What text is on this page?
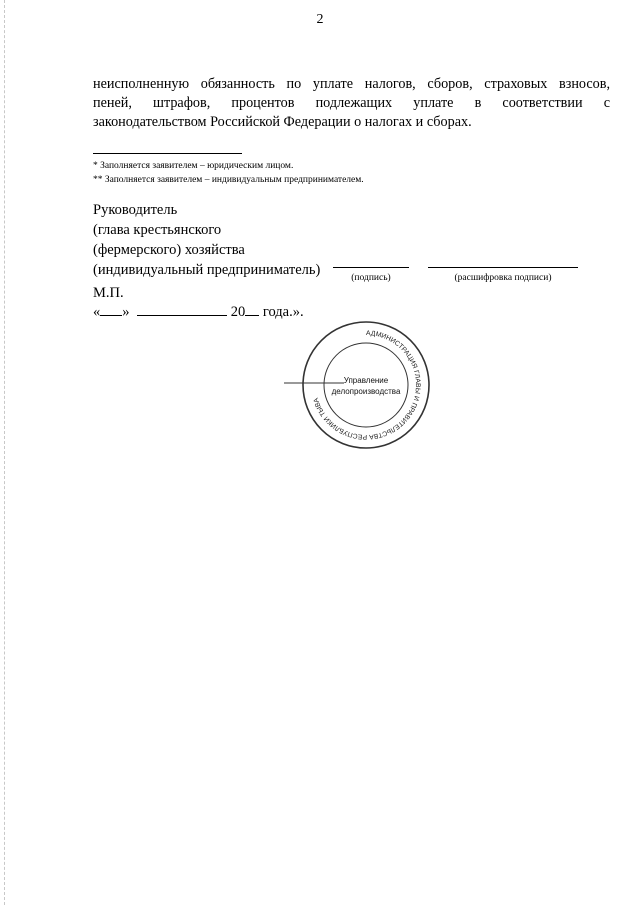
2
неисполненную обязанность по уплате налогов, сборов, страховых взносов,
пеней, штрафов, процентов подлежащих уплате в соответствии с
законодательством Российской Федерации о налогах и сборах.
* Заполняется заявителем – юридическим лицом.
** Заполняется заявителем – индивидуальным предпринимателем.
Руководитель
(глава крестьянского
(фермерского) хозяйства
(индивидуальный предприниматель)	(подпись)	(расшифровка подписи)
М.П.
« »	20 года.».
АДМИНИСТРАЦИЯ ГЛАВЫ И ПРАВИТЕЛЬСТВА РЕСПУБЛИКИ ТЫВА
Управление
делопроизводства
